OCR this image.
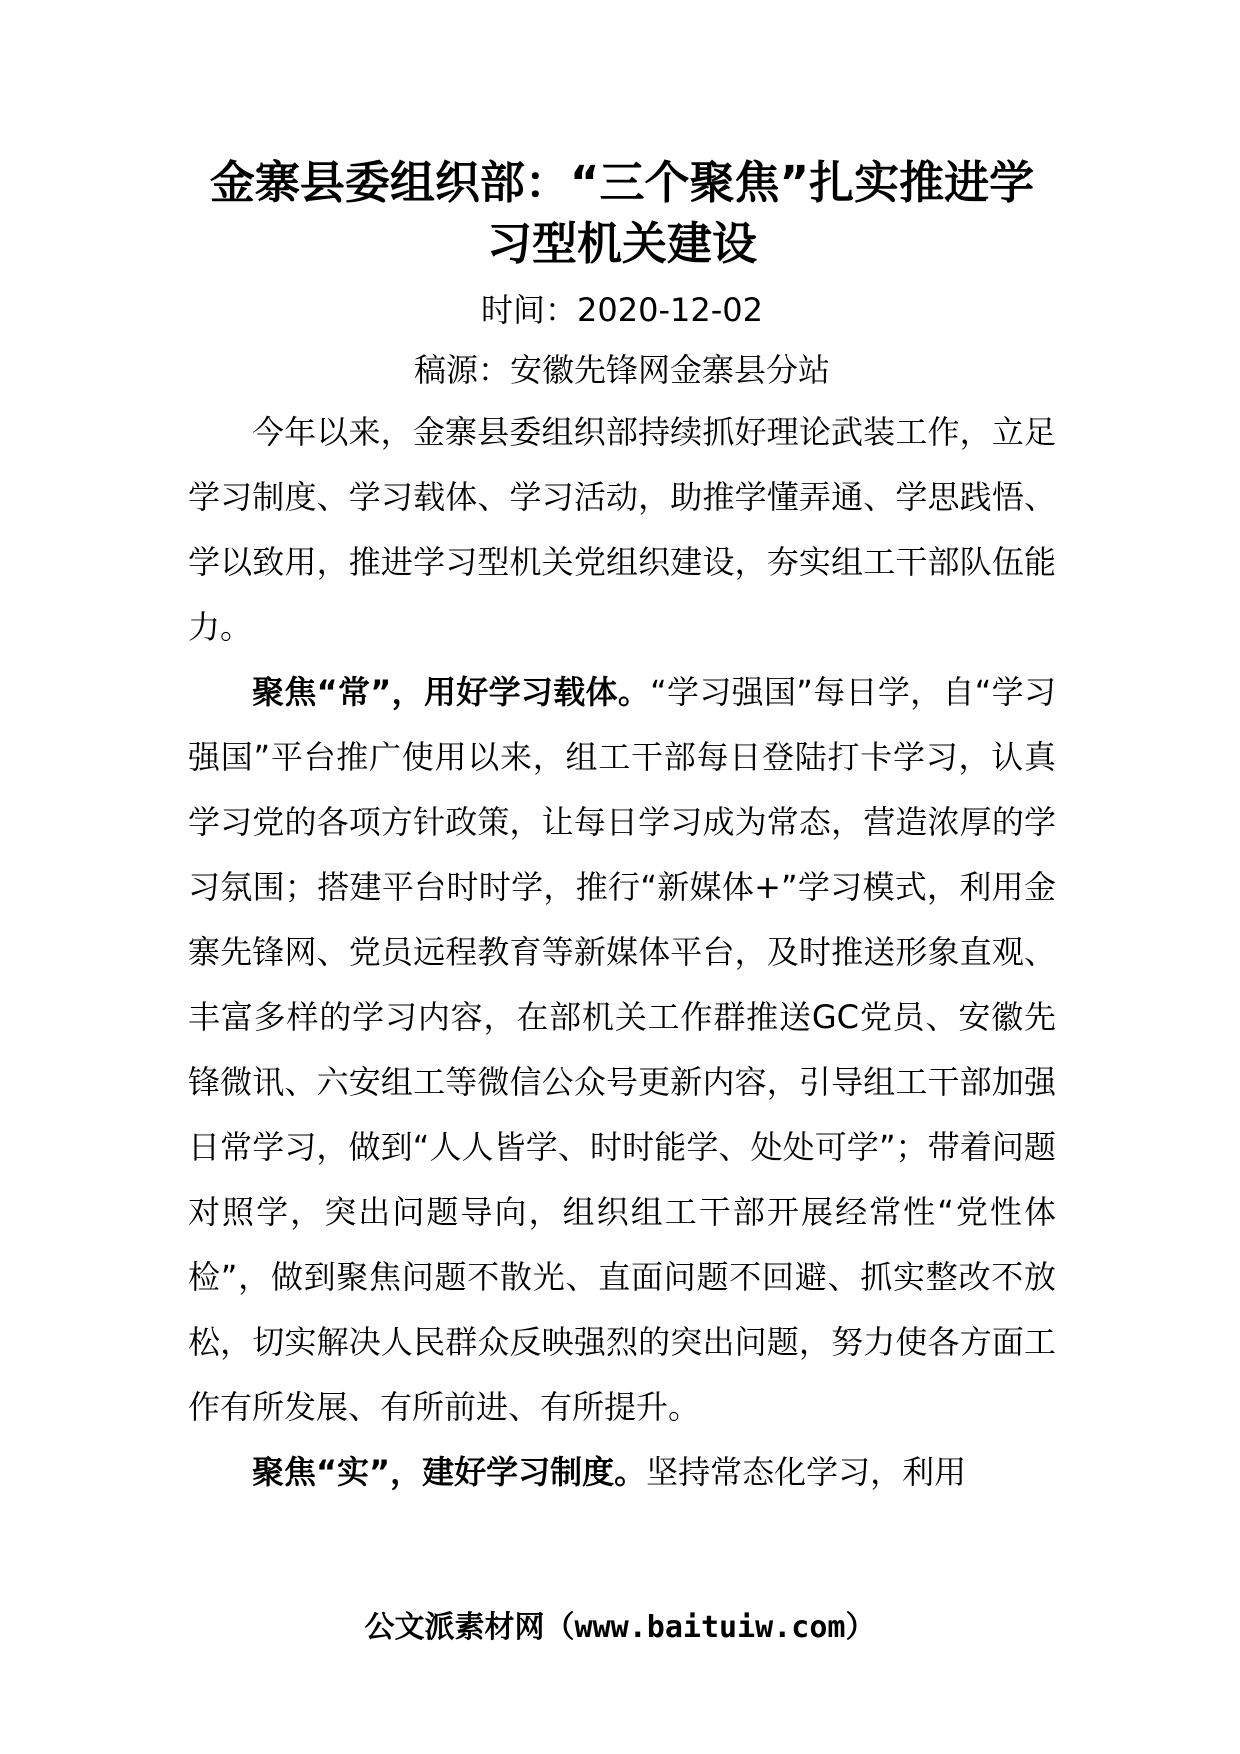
金寨县委组织部：“三个聚焦”扎实推进学习型机关建设

时间：2020-12-02

稿源：安徽先锋网金寨县分站

今年以来，金寨县委组织部持续抓好理论武装工作，立足学习制度、学习载体、学习活动，助推学懂弄通、学思践悟、学以致用，推进学习型机关党组织建设，夯实组工干部队伍能力。

聚焦“常”，用好学习载体。“学习强国”每日学，自“学习强国”平台推广使用以来，组工干部每日登陆打卡学习，认真学习党的各项方针政策，让每日学习成为常态，营造浓厚的学习氛围；搭建平台时时学，推行“新媒体+”学习模式，利用金寨先锋网、党员远程教育等新媒体平台，及时推送形象直观、丰富多样的学习内容，在部机关工作群推送GC党员、安徽先锋微讯、六安组工等微信公众号更新内容，引导组工干部加强日常学习，做到“人人皆学、时时能学、处处可学”；带着问题对照学，突出问题导向，组织组工干部开展经常性“党性体检”，做到聚焦问题不散光、直面问题不回避、抓实整改不放松，切实解决人民群众反映强烈的突出问题，努力使各方面工作有所发展、有所前进、有所提升。

聚焦“实”，建好学习制度。坚持常态化学习，利用

公文派素材网（www.baituiw.com）
